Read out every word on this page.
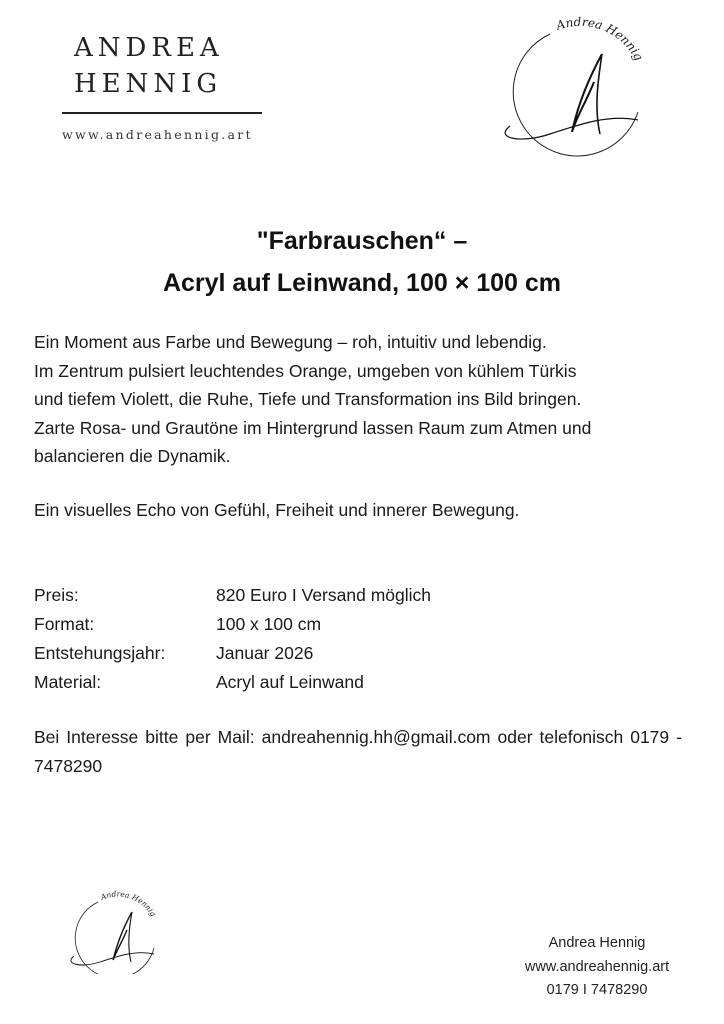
ANDREA
HENNIG
www.andreahennig.art
Andrea Hennig
"Farbrauschen“ –
Acryl auf Leinwand, 100 × 100 cm
Ein Moment aus Farbe und Bewegung – roh, intuitiv und lebendig.
Im Zentrum pulsiert leuchtendes Orange, umgeben von kühlem Türkis
und tiefem Violett, die Ruhe, Tiefe und Transformation ins Bild bringen.
Zarte Rosa- und Grautöne im Hintergrund lassen Raum zum Atmen und
balancieren die Dynamik.
Ein visuelles Echo von Gefühl, Freiheit und innerer Bewegung.
Preis:	820 Euro I Versand möglich
Format:	100 x 100 cm
Entstehungsjahr:	Januar 2026
Material:	Acryl auf Leinwand
Bei Interesse bitte per Mail: andreahennig.hh@gmail.com oder telefonisch 0179 - 7478290
Andrea Hennig
Andrea Hennig
www.andreahennig.art
0179 I 7478290
